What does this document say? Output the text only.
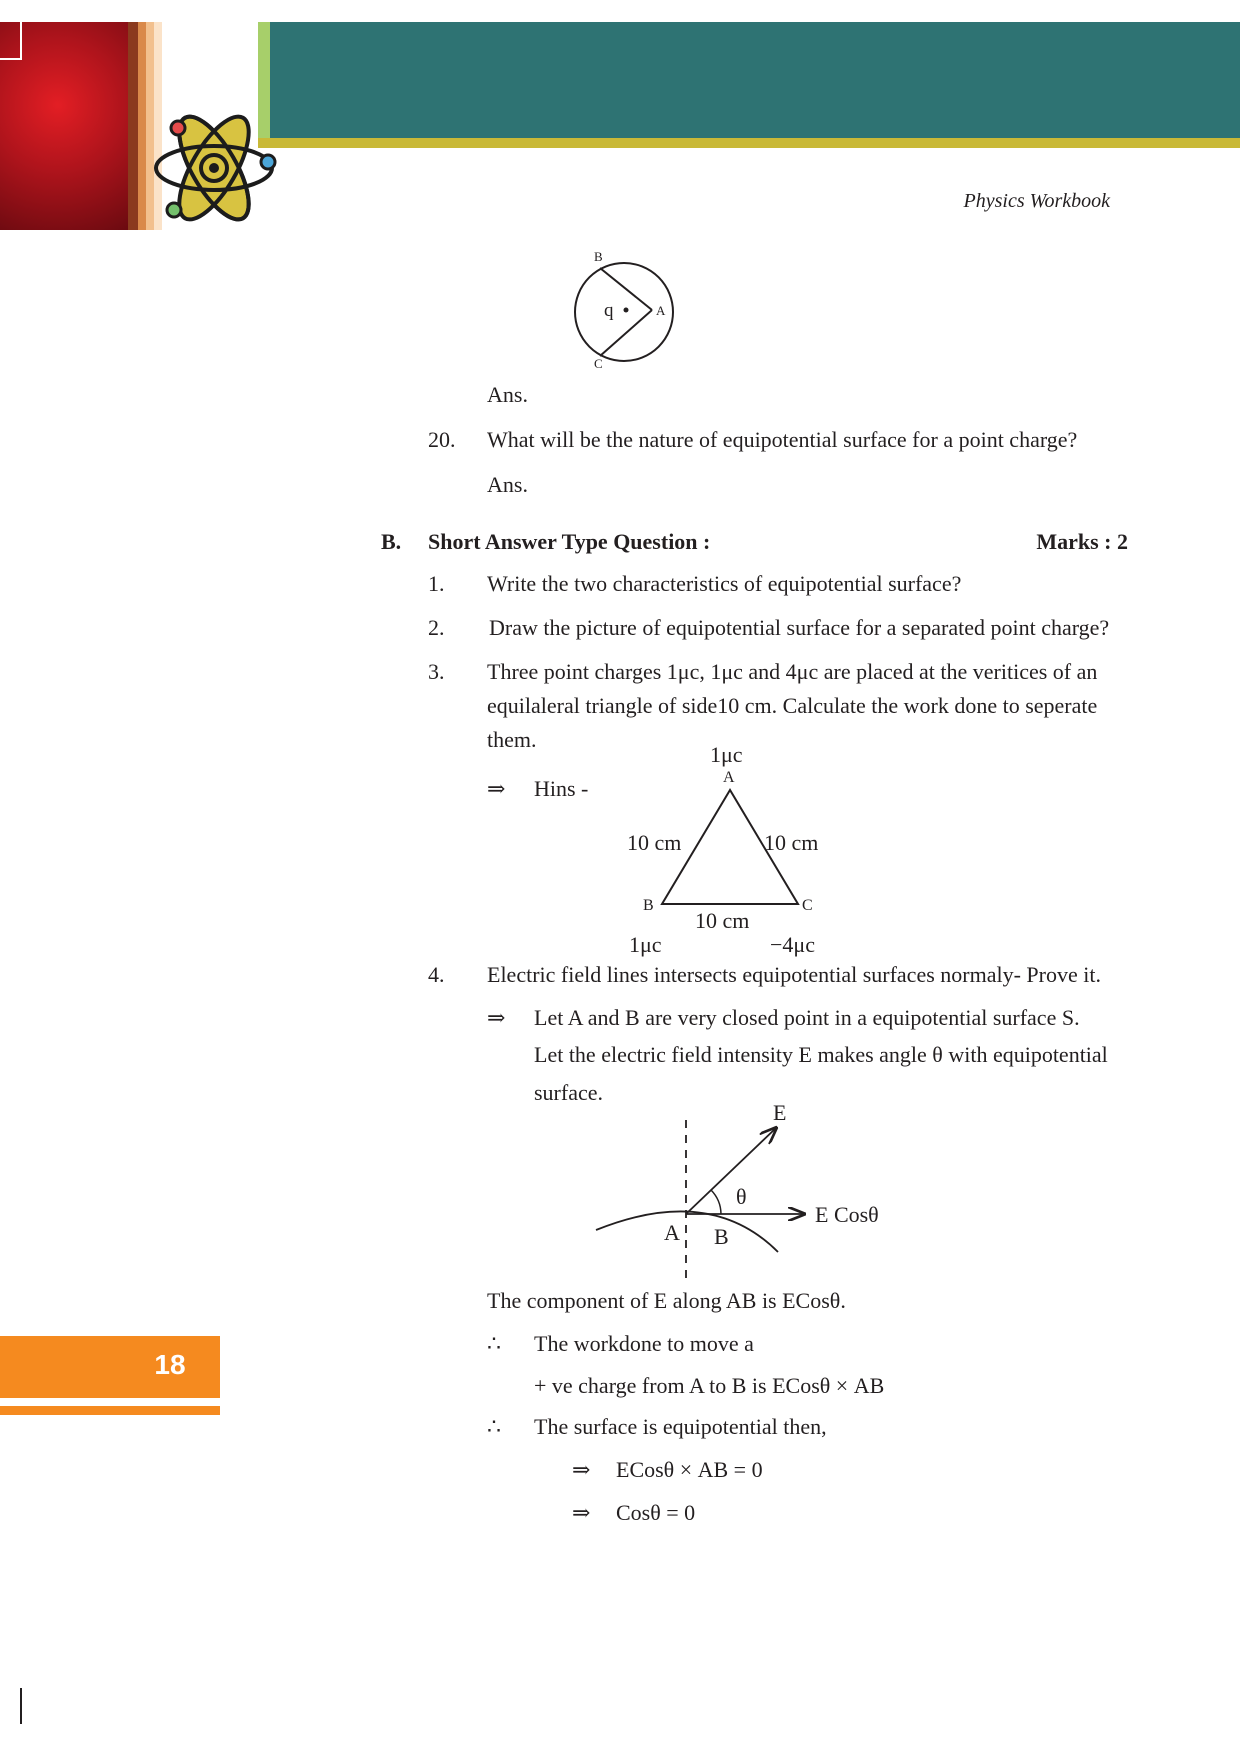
Physics Workbook
18
B
C
A
q
Ans.
20. What will be the nature of equipotential surface for a point charge?
Ans.
B. Short Answer Type Question :	Marks : 2
1. Write the two characteristics of equipotential surface?
2. Draw the picture of equipotential surface for a separated point charge?
3. Three point charges 1μc, 1μc and 4μc are placed at the veritices of an
equilaleral triangle of side10 cm. Calculate the work done to seperate
them.
⇒ Hins -
1μc
A
10 cm	10 cm
B	C
10 cm
1μc	−4μc
4. Electric field lines intersects equipotential surfaces normaly- Prove it.
⇒ Let A and B are very closed point in a equipotential surface S.
Let the electric field intensity E makes angle θ with equipotential
surface.
E
θ
E Cosθ
A B
The component of E along AB is ECosθ.
∴ The workdone to move a
+ ve charge from A to B is ECosθ × AB
∴ The surface is equipotential then,
⇒ ECosθ × AB = 0
⇒ Cosθ = 0
